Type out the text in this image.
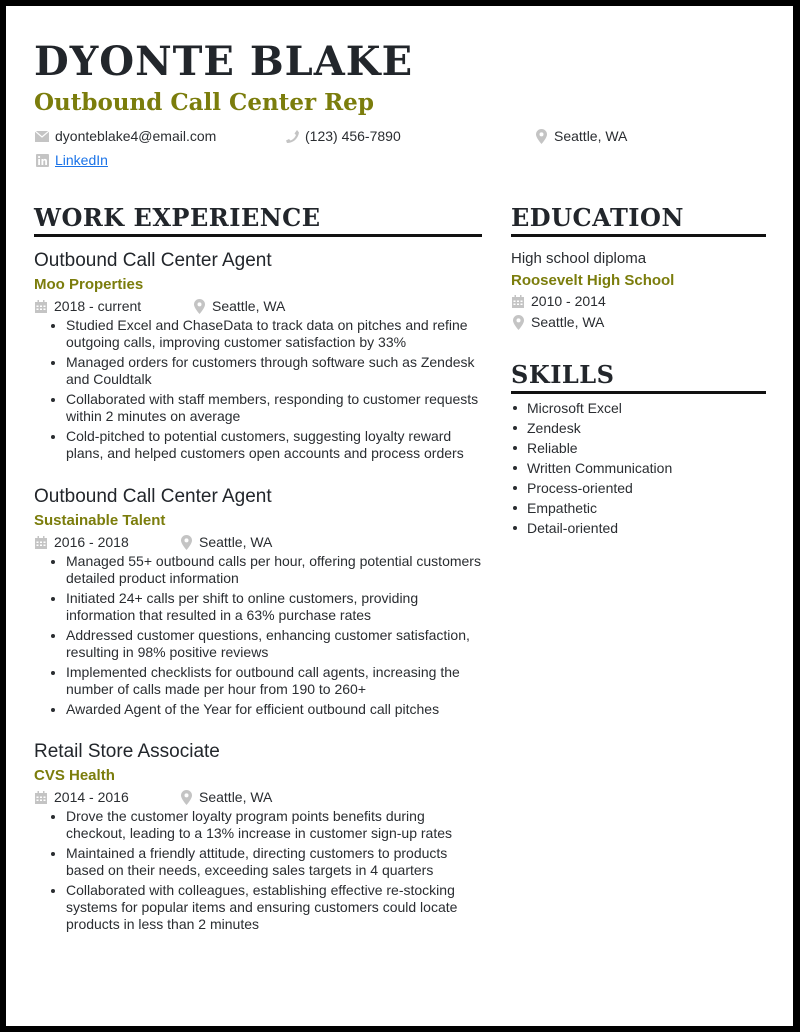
DYONTE BLAKE
Outbound Call Center Rep
dyonteblake4@email.com	(123) 456-7890	Seattle, WA
LinkedIn
WORK EXPERIENCE
Outbound Call Center Agent
Moo Properties
2018 - current	Seattle, WA
Studied Excel and ChaseData to track data on pitches and refine outgoing calls, improving customer satisfaction by 33%
Managed orders for customers through software such as Zendesk and Couldtalk
Collaborated with staff members, responding to customer requests within 2 minutes on average
Cold-pitched to potential customers, suggesting loyalty reward plans, and helped customers open accounts and process orders
Outbound Call Center Agent
Sustainable Talent
2016 - 2018	Seattle, WA
Managed 55+ outbound calls per hour, offering potential customers detailed product information
Initiated 24+ calls per shift to online customers, providing information that resulted in a 63% purchase rates
Addressed customer questions, enhancing customer satisfaction, resulting in 98% positive reviews
Implemented checklists for outbound call agents, increasing the number of calls made per hour from 190 to 260+
Awarded Agent of the Year for efficient outbound call pitches
Retail Store Associate
CVS Health
2014 - 2016	Seattle, WA
Drove the customer loyalty program points benefits during checkout, leading to a 13% increase in customer sign-up rates
Maintained a friendly attitude, directing customers to products based on their needs, exceeding sales targets in 4 quarters
Collaborated with colleagues, establishing effective re-stocking systems for popular items and ensuring customers could locate products in less than 2 minutes
EDUCATION
High school diploma
Roosevelt High School
2010 - 2014
Seattle, WA
SKILLS
Microsoft Excel
Zendesk
Reliable
Written Communication
Process-oriented
Empathetic
Detail-oriented
